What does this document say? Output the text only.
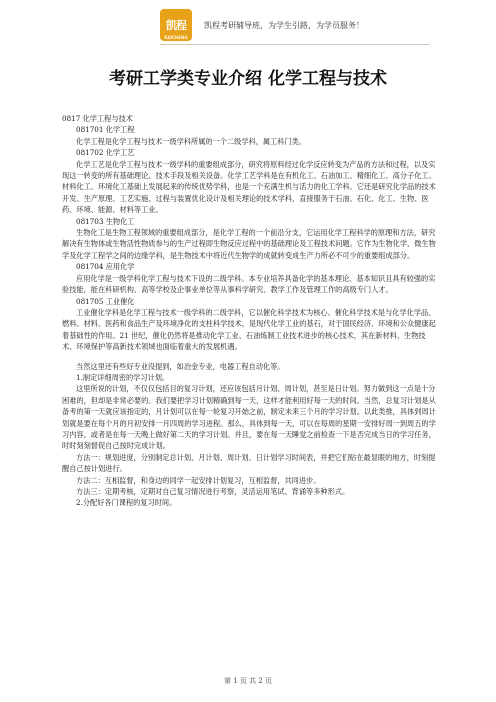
凯程
KAICHENG
凯程考研辅导班，为学生引路，为学员服务！
考研工学类专业介绍 化学工程与技术

0817 化学工程与技术

081701 化学工程

化学工程是化学工程与技术一级学科所属的一个二级学科，属工科门类。

081702 化学工艺

化学工艺是化学工程与技术一级学科的重要组成部分，研究将原料经过化学反应转变为产品的方法和过程，以及实现这一转变的所有基础理论、技术手段及相关设备。化学工艺学科是在有机化工、石油加工、精细化工、高分子化工、材料化工、环境化工基础上发展起来的传统优势学科，也是一个充满生机与活力的化工学科。它还是研究化学品的技术开发、生产原理、工艺实施、过程与装置优化设计及相关理论的技术学科，直接服务于石油、石化、化工、生物、医药、环境、能源、材料等工业。

081703 生物化工

生物化工是生物工程领域的重要组成部分，是化学工程的一个前沿分支，它运用化学工程科学的原理和方法，研究解决有生物体或生物活性物质参与的生产过程即生物反应过程中的基础理论及工程技术问题。它作为生物化学、微生物学及化学工程学之间的边缘学科，是生物技术中将近代生物学的成就转变成生产力所必不可少的重要组成部分。

081704 应用化学

应用化学是一级学科化学工程与技术下设的二级学科。本专业培养具备化学的基本理论、基本知识且具有较强的实验技能，能在科研机构、高等学校及企事业单位等从事科学研究、教学工作及管理工作的高级专门人才。

081705 工业催化

工业催化学科是化学工程与技术一级学科的二级学科，它以催化科学技术为核心。催化科学技术是与化学化学品、燃料、材料、医药和食品生产及环境净化的支柱科学技术，是现代化学工业的基石，对于国民经济、环境和公众健康起着基础性的作用。21 世纪，催化仍然将是推动化学工业、石油炼制工业技术进步的核心技术，其在新材料、生物技术、环境保护等高新技术领域也面临着重大的发展机遇。

当然这里还有些好专业没提到，如冶金专业，电器工程自动化等。

1.制定详细周密的学习计划。

这里所说的计划，不仅仅包括目的复习计划，还应该包括月计划、周计划，甚至是日计划。努力做到这一点是十分困难的，但却是非常必要的。我们要把学习计划精确到每一天，这样才能利用好每一天的时间。当然，总复习计划是从备考的第一天就应该指定的，月计划可以在每一轮复习开始之前，制定未来三个月的学习计划。以此类推，具体到周计划就是要在每个月的月初安排一月四周的学习进程。那么，具体到每一天，可以在每周的星期一安排好周一到周五的学习内容，或者是在每一天晚上做好第二天的学习计划。并且，要在每一天睡觉之前检查一下是否完成当日的学习任务，时时刻刻督促自己按时完成计划。

方法一：规划进度，分别制定总计划、月计划、周计划、日计划学习时间表，并把它们贴在最显眼的地方，时刻提醒自己按计划进行。

方法二：互相监督，和身边的同学一起安排计划复习，互相监督，共同进步。

方法三：定期考核，定期对自己复习情况进行考察，灵活运用笔试、背诵等多种形式。

2.分配好各门课程的复习时间。

第 1 页 共 2 页
